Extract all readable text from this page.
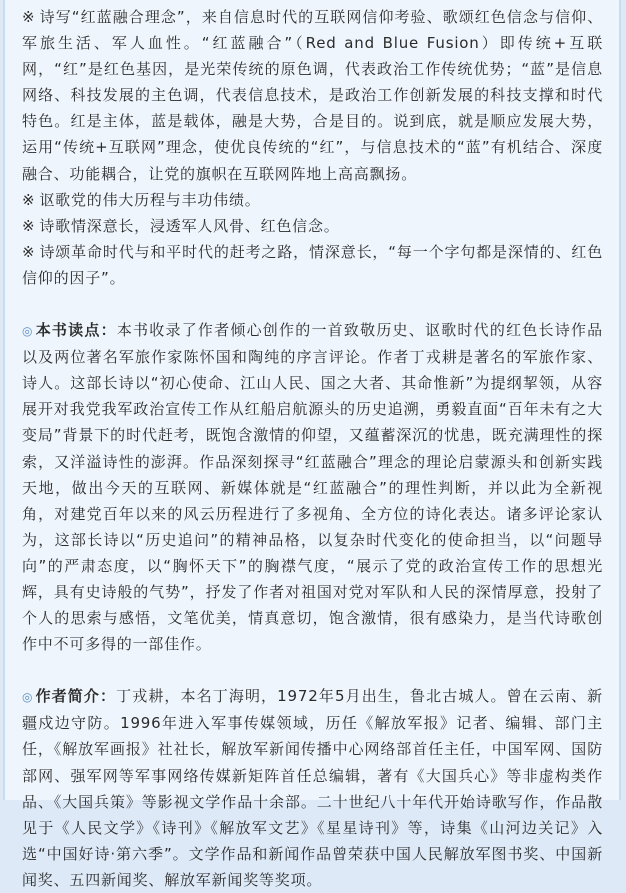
※ 诗写“红蓝融合理念”，来自信息时代的互联网信仰考验、歌颂红色信念与信仰、军旅生活、军人血性。“红蓝融合”（Red and Blue Fusion）即传统+互联网，“红”是红色基因，是光荣传统的原色调，代表政治工作传统优势；“蓝”是信息网络、科技发展的主色调，代表信息技术，是政治工作创新发展的科技支撑和时代特色。红是主体，蓝是载体，融是大势，合是目的。说到底，就是顺应发展大势，运用“传统+互联网”理念，使优良传统的“红”，与信息技术的“蓝”有机结合、深度融合、功能耦合，让党的旗帜在互联网阵地上高高飘扬。

※ 讴歌党的伟大历程与丰功伟绩。

※ 诗歌情深意长，浸透军人风骨、红色信念。

※ 诗颂革命时代与和平时代的赶考之路，情深意长，“每一个字句都是深情的、红色信仰的因子”。

◎ 本书读点：本书收录了作者倾心创作的一首致敬历史、讴歌时代的红色长诗作品以及两位著名军旅作家陈怀国和陶纯的序言评论。作者丁戎耕是著名的军旅作家、诗人。这部长诗以“初心使命、江山人民、国之大者、其命惟新”为提纲挈领，从容展开对我党我军政治宣传工作从红船启航源头的历史追溯，勇毅直面“百年未有之大变局”背景下的时代赶考，既饱含激情的仰望，又蕴蓄深沉的忧患，既充满理性的探索，又洋溢诗性的澎湃。作品深刻探寻“红蓝融合”理念的理论启蒙源头和创新实践天地，做出今天的互联网、新媒体就是“红蓝融合”的理性判断，并以此为全新视角，对建党百年以来的风云历程进行了多视角、全方位的诗化表达。诸多评论家认为，这部长诗以“历史追问”的精神品格，以复杂时代变化的使命担当，以“问题导向”的严肃态度，以“胸怀天下”的胸襟气度，“展示了党的政治宣传工作的思想光辉，具有史诗般的气势”，抒发了作者对祖国对党对军队和人民的深情厚意，投射了个人的思索与感悟，文笔优美，情真意切，饱含激情，很有感染力，是当代诗歌创作中不可多得的一部佳作。

◎ 作者简介：丁戎耕，本名丁海明，1972年5月出生，鲁北古城人。曾在云南、新疆戍边守防。1996年进入军事传媒领域，历任《解放军报》记者、编辑、部门主任，《解放军画报》社社长，解放军新闻传播中心网络部首任主任，中国军网、国防部网、强军网等军事网络传媒新矩阵首任总编辑，著有《大国兵心》等非虚构类作品、《大国兵策》等影视文学作品十余部。二十世纪八十年代开始诗歌写作，作品散见于《人民文学》《诗刊》《解放军文艺》《星星诗刊》等，诗集《山河边关记》入选“中国好诗·第六季”。文学作品和新闻作品曾荣获中国人民解放军图书奖、中国新闻奖、五四新闻奖、解放军新闻奖等奖项。
